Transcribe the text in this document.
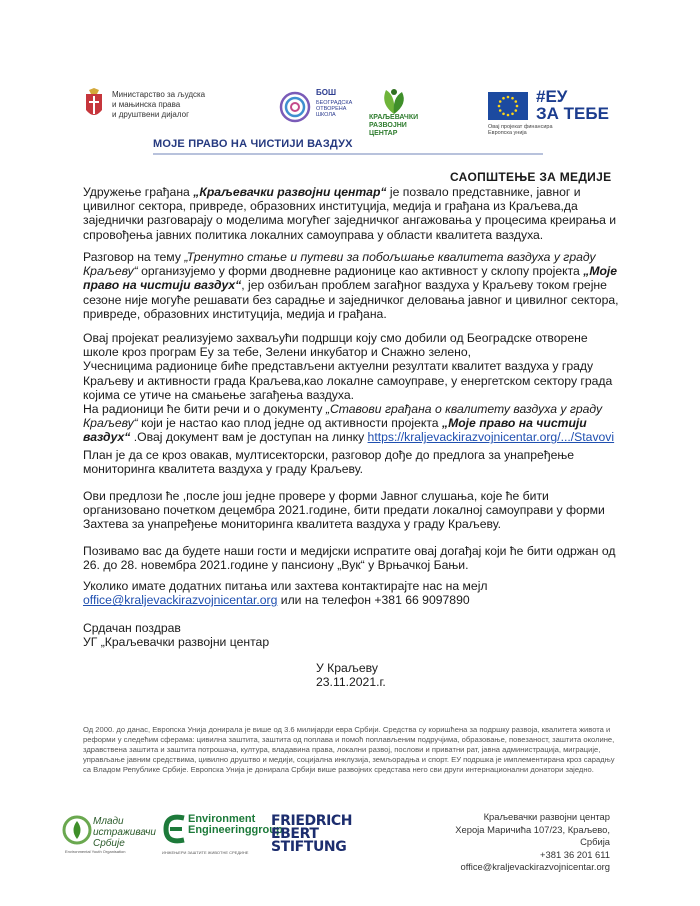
Министарство за људска
и мањинска права
и друштвени дијалог
БОШ
БЕОГРАДСКА ОТВОРЕНА ШКОЛА	КРАЉЕВАЧКИ
РАЗВОЈНИ ЦЕНТАР
#ЕУ
ЗА ТЕБЕ
Овај пројекат финансира Европска унија
МОЈЕ ПРАВО НА ЧИСТИЈИ ВАЗДУХ
САОПШТЕЊЕ ЗА МЕДИЈЕ

Удружење грађана „Краљевачки развојни центар“ је позвало представнике, јавног и цивилног сектора, привреде, образовних институција, медија и грађана из Краљева,да заједнички разговарају о моделима могућег заједничког ангажовања у процесима креирања и спровођења јавних политика локалних самоуправа у области квалитета ваздуха.

Разговор на тему „Тренутно стање и путеви за побољшање квалитета ваздуха у граду Краљеву“ организујемо у форми дводневне радионице као активност у склопу пројекта „Моје право на чистији ваздух“, јер озбиљан проблем загађног ваздуха у Краљеву током грејне сезоне није могуће решавати без сарадње и заједничког деловања јавног и цивилног сектора, привреде, образовних институција, медија и грађана.

Овај пројекат реализујемо захваљући подршци коју смо добили од Београдске отворене школе кроз програм Еу за тебе, Зелени инкубатор и Снажно зелено,

Учесницима радионице биће представљени актуелни резултати квалитет ваздуха у граду Краљеву и активности града Краљева,као локалне самоуправе, у енергетском сектору града којима се утиче на смањење загађења ваздуха.

На радионици ће бити речи и о документу „Ставови грађана о квалитету ваздуха у граду Краљеву“ који је настао као плод једне од активности пројекта „Моје право на чистији ваздух“ .Овај документ вам је доступан на линку https://kraljevackirazvojnicentar.org/.../Stavovi

План је да се кроз овакав, мултисекторски, разговор дође до предлога за унапређење мониторинга квалитета ваздуха у граду Краљеву.
Ови предлози ће ,после још једне провере у форми Јавног слушања, које ће бити организовано почетком децембра 2021.године, бити предати локалној самоуправи у форми Захтева за унапређење мониторинга квалитета ваздуха у граду Краљеву.
Позивамо вас да будете наши гости и медијски испратите овај догађај који ће бити одржан од 26. до 28. новембра 2021.године у пансиону „Вук“ у Врњачкој Бањи.

Уколико имате додатних питања или захтева контактирајте нас на мејл

office@kraljevackirazvojnicentar.org или на телефон +381 66 9097890

Срдачан поздрав

УГ „Краљевачки развојни центар

У Краљеву

23.11.2021.г.

Од 2000. до данас, Европска Унија донирала је више од 3.6 милијарди евра Србији. Средства су коришћена за подршку развоја, квалитета живота и реформи у следећим сферама: цивилна заштита, заштита од поплава и помоћ поплављеним подручјима, образовање, повезаност, заштита околине, здравствена заштита и заштита потрошача, култура, владавина права, локални развој, послови и приватни рат, јавна администрација, миграције, управљање јавним средствима, цивилно друштво и медији, социјална инклузија, земљорадња и спорт. ЕУ подршка је имплементирана кроз сарадњу са Владом Републике Србије. Европска Унија је донирала Србији више развојних средстава него сви други интернационални донатори заједно.
Млади
истраживачи
Србије
Environmental Youth Organisation
Environment
Engineeringgroup
ИНЖЕЊЕРИ ЗАШТИТЕ ЖИВОТНЕ СРЕДИНЕ
FRIEDRICH
EBERT
STIFTUNG
Краљевачки развојни центар
Херојa Маричића 107/23, Краљево, Србија
+381 36 201 611
office@kraljevackirazvojnicentar.org
